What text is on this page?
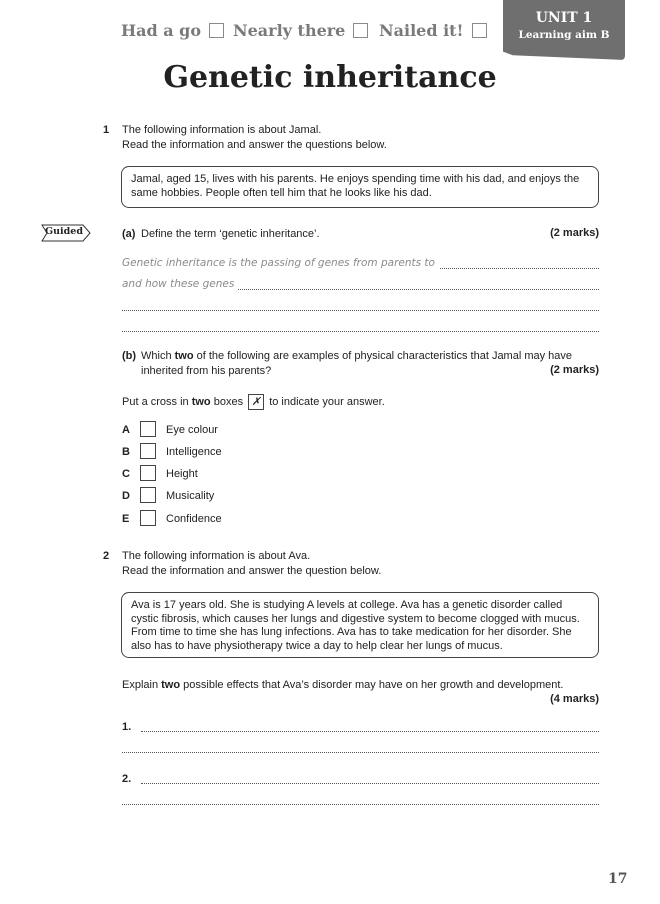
Had a go Nearly there Nailed it!
UNIT 1
Learning aim B
Genetic inheritance
1 The following information is about Jamal.
Read the information and answer the questions below.
Jamal, aged 15, lives with his parents. He enjoys spending time with his dad, and enjoys the same hobbies. People often tell him that he looks like his dad.
Guided	(a) Define the term ‘genetic inheritance’.	(2 marks)
Genetic inheritance is the passing of genes from parents to
and how these genes
(b) Which two of the following are examples of physical characteristics that Jamal may have
inherited from his parents?	(2 marks)
Put a cross in two boxes ✗ to indicate your answer.
A	Eye colour
B	Intelligence
C	Height
D	Musicality
E	Confidence
2 The following information is about Ava.
Read the information and answer the question below.
Ava is 17 years old. She is studying A levels at college. Ava has a genetic disorder called cystic fibrosis, which causes her lungs and digestive system to become clogged with mucus. From time to time she has lung infections. Ava has to take medication for her disorder. She also has to have physiotherapy twice a day to help clear her lungs of mucus.
Explain two possible effects that Ava’s disorder may have on her growth and development.
(4 marks)
1.
2.
17
